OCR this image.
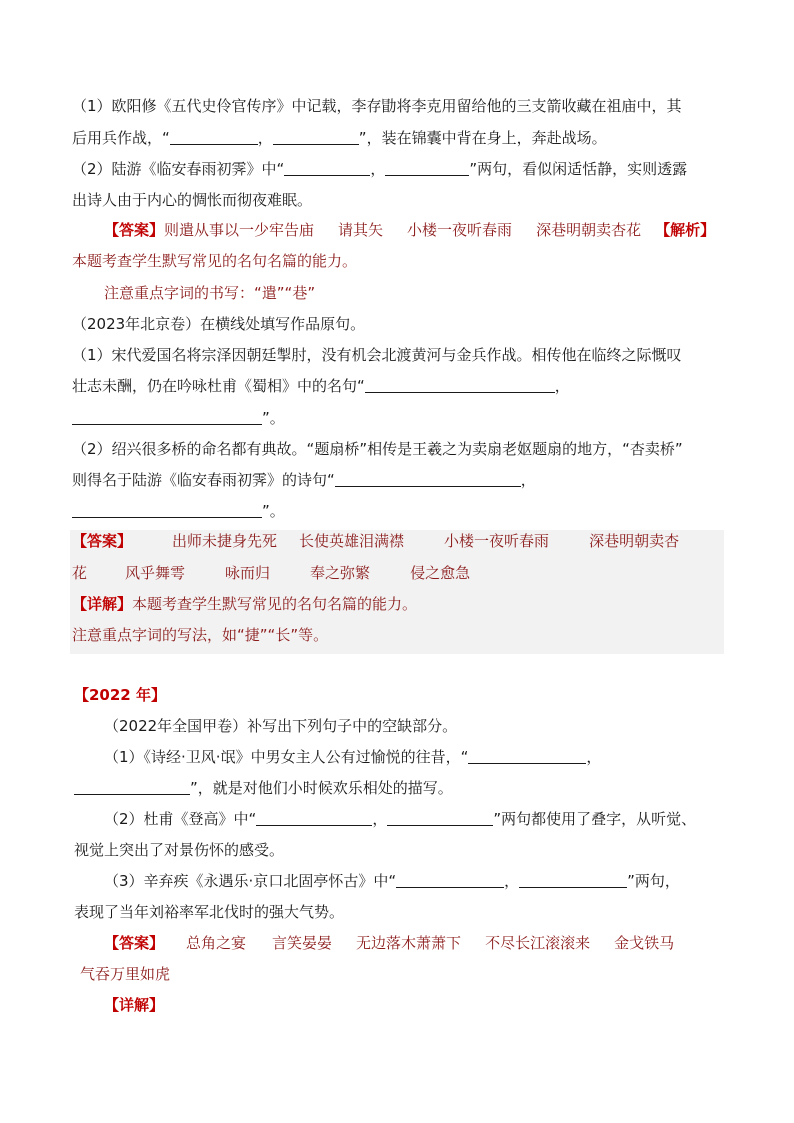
（1）欧阳修《五代史伶官传序》中记载，李存勖将李克用留给他的三支箭收藏在祖庙中，其
后用兵作战，“	，	”，装在锦囊中背在身上，奔赴战场。
（2）陆游《临安春雨初霁》中“	，	”两句，看似闲适恬静，实则透露
出诗人由于内心的惆怅而彻夜难眠。
【答案】则遣从事以一少牢告庙 请其矢 小楼一夜听春雨 深巷明朝卖杏花 【解析】
本题考查学生默写常见的名句名篇的能力。
注意重点字词的书写：“遣”“巷”
（2023年北京卷）在横线处填写作品原句。
（1）宋代爱国名将宗泽因朝廷掣肘，没有机会北渡黄河与金兵作战。相传他在临终之际慨叹
壮志未酬，仍在吟咏杜甫《蜀相》中的名句“	，
”。
（2）绍兴很多桥的命名都有典故。“题扇桥”相传是王羲之为卖扇老妪题扇的地方，“杏卖桥”
则得名于陆游《临安春雨初霁》的诗句“	，
”。
【答案】	出师未捷身先死 长使英雄泪满襟	小楼一夜听春雨	深巷明朝卖杏
花	风乎舞雩	咏而归	奉之弥繁	侵之愈急
【详解】本题考查学生默写常见的名句名篇的能力。
注意重点字词的写法，如“捷”“长”等。
【2022 年】
（2022年全国甲卷）补写出下列句子中的空缺部分。
（1）《诗经·卫风·氓》中男女主人公有过愉悦的往昔，“	，
”，就是对他们小时候欢乐相处的描写。
（2）杜甫《登高》中“	，	”两句都使用了叠字，从听觉、
视觉上突出了对景伤怀的感受。
（3）辛弃疾《永遇乐·京口北固亭怀古》中“	，	”两句，
表现了当年刘裕率军北伐时的强大气势。
【答案】 总角之宴 言笑晏晏 无边落木萧萧下 不尽长江滚滚来 金戈铁马
气吞万里如虎
【详解】
